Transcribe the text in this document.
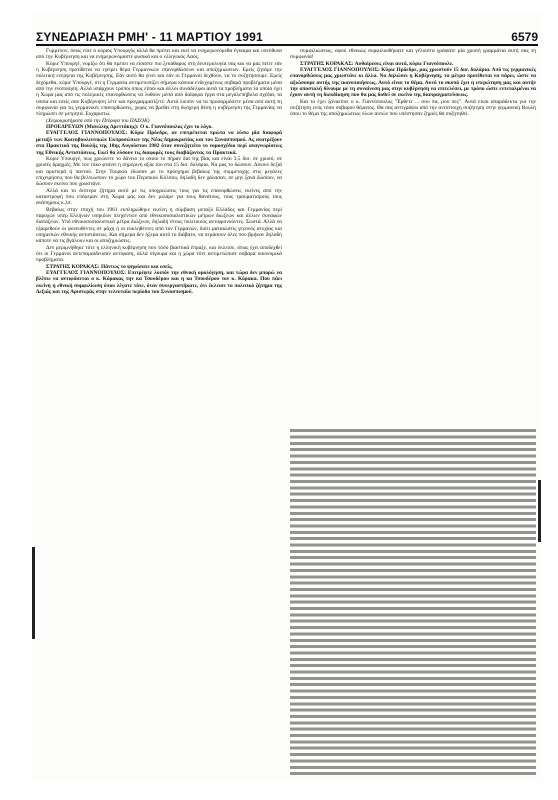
ΣΥΝΕΔΡΙΑΣΗ ΡΜΗ' - 11 ΜΑΡΤΙΟΥ 1991	6579

Γυμμένον, όπως είπε ο κύριος Υπουργός αλλά θα πρέπει και εκεί να ενημερωνόμεθα έγκαιρα και υπεύθυνα από την Κυβέρνηση και να ενημερωνόμαστε φυσικά και ο ελληνικός Λαός.

Κύριε Υπουργέ, νομίζω ότι θα πρέπει να είσαστε πιο ξεκάθαρος στη δευτερολογία σας και να μας πείτε εάν η Κυβέρνηση προτίθεται να εγείρει θέμα Γερμανικών επανορθώσεων και αποζημιώσεων. Εμείς ζητάμε την πολιτική ενέργεια της Κυβέρνησης. Εάν αυτό θα γίνει και εάν οι Γερμανοί δεχθούν, να το συζητήσουμε. Εμείς δεχόμεθα, κύριε Υπουργέ, ότι η Γερμανία αντιμετωπίζει σήμερα κάποια ενδεχομένως σοβαρά προβλήματα μέσα από την ενοποίηση. Αλλά υπάρχουν τρόποι όπως είπαν και άλλοι συνάδελφοι αυτά τα προβλήματα τα οποία έχει η Χώρα μας από τις πολεμικές επανορθώσεις να λυθούν μέσα από διάφορα έργα στα μεγαλεπήβολα σχέδια, τα οποία και εσείς σαν Κυβέρνηση λέτε και προγραμματίζετε. Αυτά λοιπόν να τα προσαρμόσετε μέσα από αυτή τη συμφωνία για τις γερμανικές επανορθώσεις, χωρίς να βρεθεί στη δυσχερή θέση η κυβέρνηση της Γερμανίας να πληρώσει σε μετρητά. Ευχαριστώ.

(Χειροκροτήματα από την Πτέρυγα του ΠΑΣΟΚ)

ΠΡΟΕΔΡΕΥΩΝ (Μανώλης Δρεττάκης): Ο κ. Γιαννόπουλος έχει το λόγο.

ΕΥΑΓΓΕΛΟΣ ΓΙΑΝΝΟΠΟΥΛΟΣ: Κύριε Πρόεδρε, αν επιτρέπεται πρώτα να λύσω μία διαφορά μεταξύ των Κοινοβουλευτικών Εκπροσώπων της Νέας Δημοκρατίας και του Συνασπισμού. Ας ανατρέξουν στα Πρακτικά της Βουλής της 18ης Αυγούστου 1982 όταν συνεζητείτο το νομοσχέδιο περί αναγνωρίσεως της Εθνικής Αντιστάσεως. Εκεί θα λύσουν τις διαφορές τους διαβάζοντας τα Πρακτικά.

Κύριε Υπουργέ, πως χρεώνετε το δάνειο το οποίο το πήραν δια της βίας και είναι 3,5 δισ. σε χρυσό, σε χρυσές δραχμές; Με τον τόκο φτάνει η σημερινή αξία του στα 15 δισ. δολάρια. Να μας το δώσουν. Δίνουν δεξιά και αριστερά ή παντού. Στην Τουρκία έδωσαν με το πρόσχημα βεβαίως της συμμετοχής στις μεγάλες επιχειρήσεις που θα βελτιώσουν το χώρο του Περσικού Κόλπου, δηλαδή δεν χάλασαν, σε μην ξανά δώσουν, να δώσουν εκείνο που χρωστάνε.

Αλλά και το δεύτερο ζήτημα αυτό με τις υποχρεώσεις τους για τις επανορθώσεις εκείνες από την καταστροφή που επέφεραν στη Χώρα μας και δεν μιλάμε για τους θανάτους, τους τραυματισμούς τους ανάπηρους κ.λπ.

Βεβαίως στην εποχή του 1961 εκπληρώθηκε εκείνη η σύμβαση μεταξύ Ελλάδος και Γερμανίας περί παροχών υπέρ Ελλήνων υπηκόων πληγέντων από εθνικοσοσιαλιστικών μέτρων διώξεων και άλλων συναφών διατάξεων. Υπό εθνικοσοσιαλιστικά μέτρα διώξεων, δηλαδή στους πολιτικούς αντιφρονούντες. Σωστά. Αλλά να εξαιρεθούν οι φονευθέντες σε μάχη ή οι ευκληθέντες από τον Γερμανών, διότι ματαιώσεις γεγονός ατυχίας και υπηρεσιών εθνικής αντιστάσεως. Και σήμερα δεν ήξερα αυτό το διάβατο, να περάσουν όλες που βρήκαν δηλαδή κάποτε να τις βγάλουν και οι αποζημιώσεις.

Δεν μεριμνήθηκε τότε η ελληνική κυβέρνηση που τόσο βιαστικά έπραξε, και έκλεισε, όπως έχει αποδεχθεί ότι οι Γερμανοί αντεπαμαίδευσαν αντίφαση, αλλά σίγουρα και η χώρα τότε αντιμετώπισε σοβαρά οικονομικά προβλήματα.

ΣΤΡΑΤΗΣ ΚΟΡΑΚΑΣ: Πάντως το ψηφίσατε και εσείς.

ΕΥΑΓΓΕΛΟΣ ΓΙΑΝΝΟΠΟΥΛΟΣ: Επιτρέψτε λοιπόν την εθνική ομολόγηση, και τώρα δεν μπορώ να βλέπω να αντιφάσεται ο κ. Κόρακας την κα Τσουδέρου και η κα Τσουδέρου τον κ. Κόρακα. Που πάει εκείνη η εθνική συμφιλίωση όπου λέγατε τότε, όταν συνεργαστήκατε, ότι έκλεισε το πολιτικό ζήτημα της Δεξιάς και της Αριστεράς στην τελευταία περίοδο του Συνασπισμού.

συμφιλιώσεως, αφού εθνικώς συμφιλιωθήκατε και γέλοιστα γράψατε μία χρυσή γραμμάτια αυτή σας τη συμφωνία!

ΣΤΡΑΤΗΣ ΚΟΡΑΚΑΣ: Αυθαίρεσες είναι αυτά, κύριε Γιαννόπουλε.

ΕΥΑΓΓΕΛΟΣ ΓΙΑΝΝΟΠΟΥΛΟΣ: Κύριε Πρόεδρε, μας χρωστούν 15 δισ. δολάρια. Από τις γερμανικές επανορθώσεις μας χρωστάνε κι άλλα. Να δηλώσει η Κυβέρνηση, τα μέτρα προτίθεται να πάρει, ώστε να αξιώσουμε αυτής της ικανοποιήσεως. Αυτό είναι το θέμα. Αυτό το σκοπό έχει η επερώτηση μας και αυτήν την αποστολή δίνουμε με τη συναίνεση μας στην κυβέρνηση να επιτελέσει, με τρόπο ώστε εντεταλμένοι να έχουν αυτή τη διεκδίκηση που θα μας δοθεί σε εκείνο της διαπραγματεύσεως.

Και το έχει ξαναείπει ο κ. Γιαννόπουλος "Έρθετε ... σου πα, μου πες". Αυτά είναι απαράδεκτα για την συζήτηση ενός τόσο σοβαρού θέματος. Θα σας αντιγράψω από την αντίστοιχη συζήτηση στην γερμανική Βουλή όπου το θέμα της αποζημιώσεως όλων αυτών που υπέστησαν ζημιές θα συζητηθεί.
